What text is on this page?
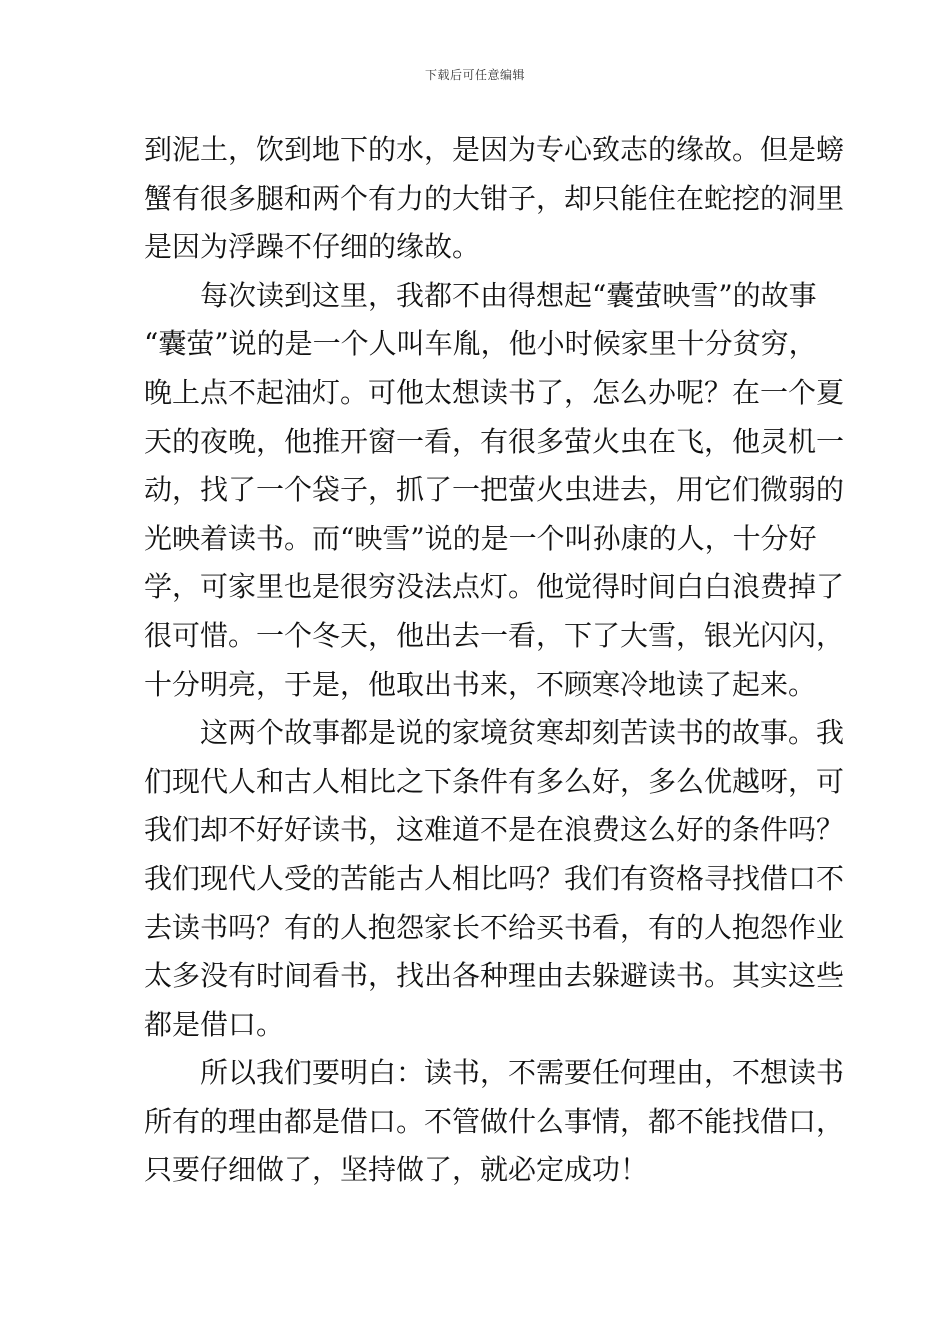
下载后可任意编辑
到泥土，饮到地下的水，是因为专心致志的缘故。但是螃
蟹有很多腿和两个有力的大钳子，却只能住在蛇挖的洞里
是因为浮躁不仔细的缘故。
每次读到这里，我都不由得想起“囊萤映雪”的故事
“囊萤”说的是一个人叫车胤，他小时候家里十分贫穷，
晚上点不起油灯。可他太想读书了，怎么办呢？在一个夏
天的夜晚，他推开窗一看，有很多萤火虫在飞，他灵机一
动，找了一个袋子，抓了一把萤火虫进去，用它们微弱的
光映着读书。而“映雪”说的是一个叫孙康的人，十分好
学，可家里也是很穷没法点灯。他觉得时间白白浪费掉了
很可惜。一个冬天，他出去一看，下了大雪，银光闪闪，
十分明亮，于是，他取出书来，不顾寒冷地读了起来。
这两个故事都是说的家境贫寒却刻苦读书的故事。我
们现代人和古人相比之下条件有多么好，多么优越呀，可
我们却不好好读书，这难道不是在浪费这么好的条件吗？
我们现代人受的苦能古人相比吗？我们有资格寻找借口不
去读书吗？有的人抱怨家长不给买书看，有的人抱怨作业
太多没有时间看书，找出各种理由去躲避读书。其实这些
都是借口。
所以我们要明白：读书，不需要任何理由，不想读书
所有的理由都是借口。不管做什么事情，都不能找借口，
只要仔细做了，坚持做了，就必定成功！
